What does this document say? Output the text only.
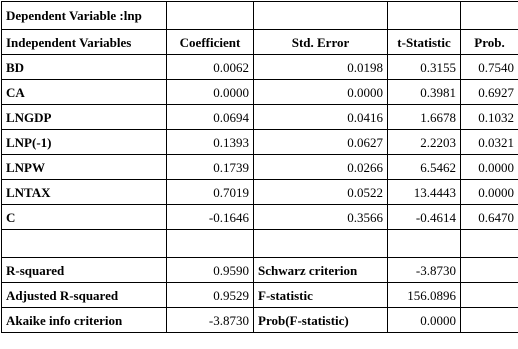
Dependent Variable :lnp				
Independent Variables	Coefficient	Std. Error	t-Statistic	Prob.
BD	0.0062	0.0198	0.3155	0.7540
CA	0.0000	0.0000	0.3981	0.6927
LNGDP	0.0694	0.0416	1.6678	0.1032
LNP(-1)	0.1393	0.0627	2.2203	0.0321
LNPW	0.1739	0.0266	6.5462	0.0000
LNTAX	0.7019	0.0522	13.4443	0.0000
C	-0.1646	0.3566	-0.4614	0.6470

R-squared	0.9590	Schwarz criterion	-3.8730	
Adjusted R-squared	0.9529	F-statistic	156.0896	
Akaike info criterion	-3.8730	Prob(F-statistic)	0.0000	
